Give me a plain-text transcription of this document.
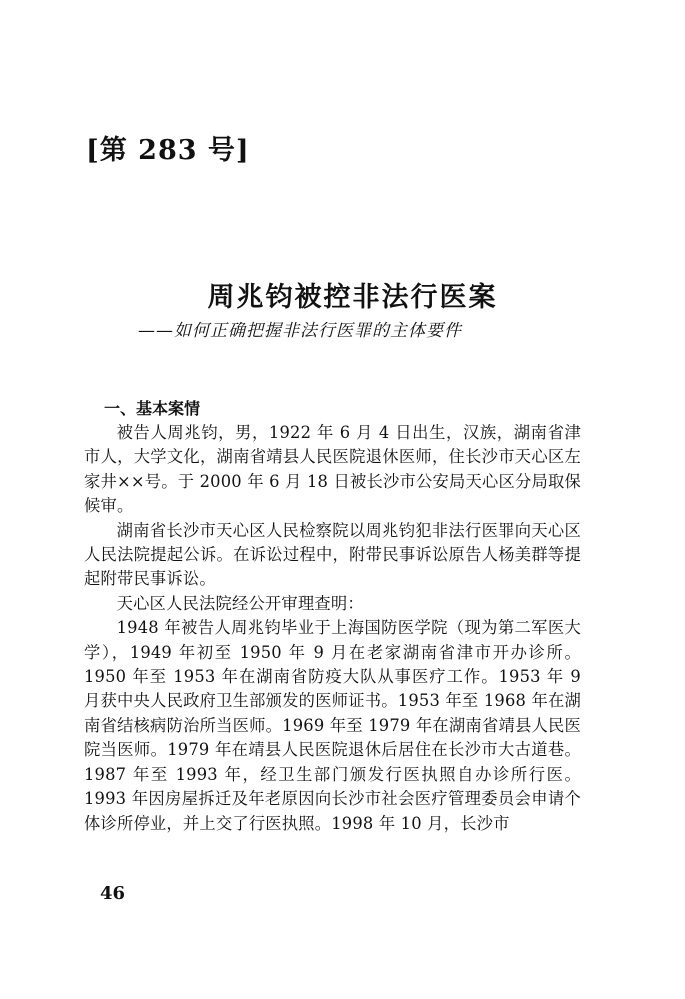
[第 283 号]
周兆钧被控非法行医案
——如何正确把握非法行医罪的主体要件
一、基本案情

被告人周兆钧，男，1922 年 6 月 4 日出生，汉族，湖南省津市人，大学文化，湖南省靖县人民医院退休医师，住长沙市天心区左家井××号。于 2000 年 6 月 18 日被长沙市公安局天心区分局取保候审。

湖南省长沙市天心区人民检察院以周兆钧犯非法行医罪向天心区人民法院提起公诉。在诉讼过程中，附带民事诉讼原告人杨美群等提起附带民事诉讼。

天心区人民法院经公开审理查明：

1948 年被告人周兆钧毕业于上海国防医学院（现为第二军医大学），1949 年初至 1950 年 9 月在老家湖南省津市开办诊所。1950 年至 1953 年在湖南省防疫大队从事医疗工作。1953 年 9 月获中央人民政府卫生部颁发的医师证书。1953 年至 1968 年在湖南省结核病防治所当医师。1969 年至 1979 年在湖南省靖县人民医院当医师。1979 年在靖县人民医院退休后居住在长沙市大古道巷。1987 年至 1993 年，经卫生部门颁发行医执照自办诊所行医。1993 年因房屋拆迁及年老原因向长沙市社会医疗管理委员会申请个体诊所停业，并上交了行医执照。1998 年 10 月，长沙市

46
